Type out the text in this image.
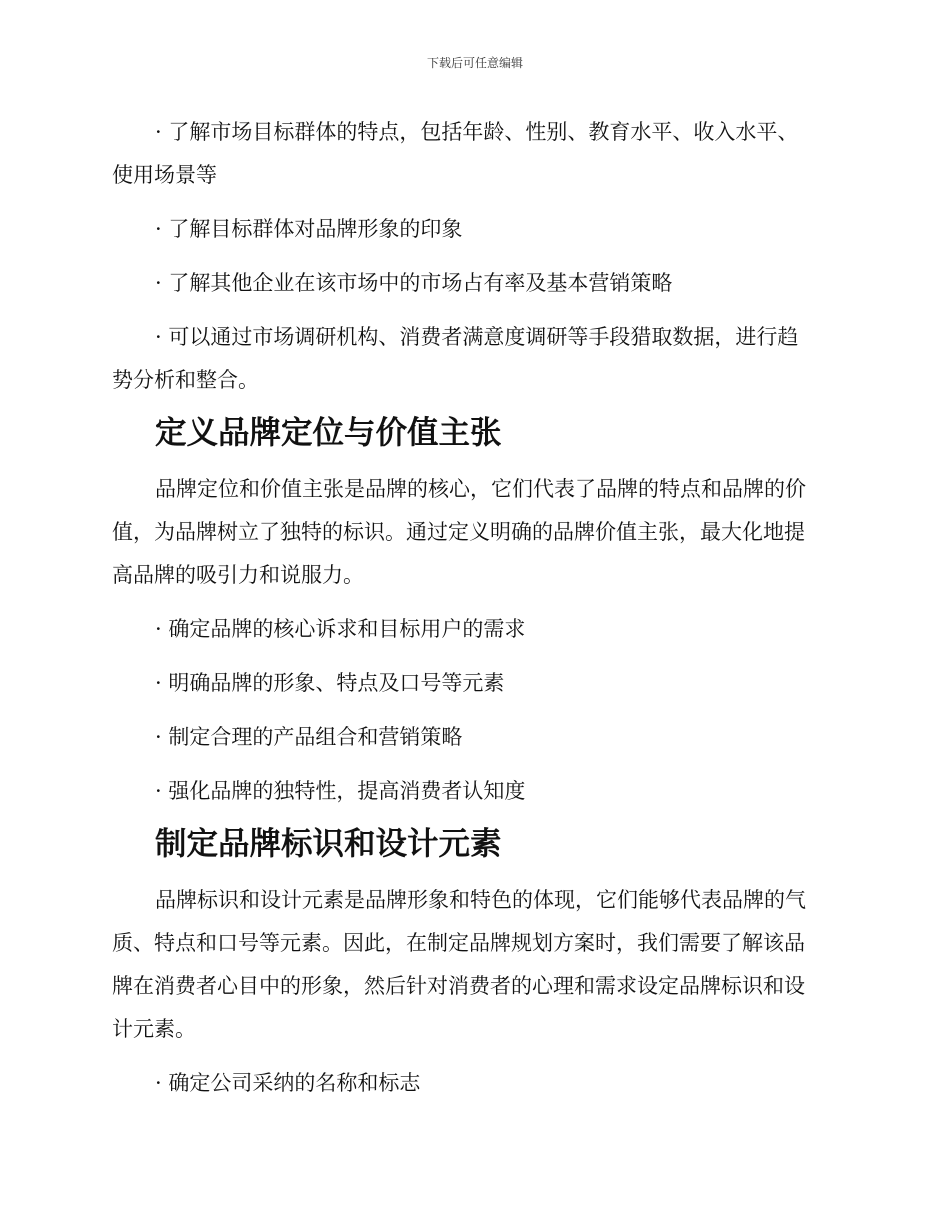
下载后可任意编辑

· 了解市场目标群体的特点，包括年龄、性别、教育水平、收入水平、

使用场景等

· 了解目标群体对品牌形象的印象

· 了解其他企业在该市场中的市场占有率及基本营销策略

· 可以通过市场调研机构、消费者满意度调研等手段猎取数据，进行趋

势分析和整合。

定义品牌定位与价值主张

品牌定位和价值主张是品牌的核心，它们代表了品牌的特点和品牌的价

值，为品牌树立了独特的标识。通过定义明确的品牌价值主张，最大化地提

高品牌的吸引力和说服力。

· 确定品牌的核心诉求和目标用户的需求

· 明确品牌的形象、特点及口号等元素

· 制定合理的产品组合和营销策略

· 强化品牌的独特性，提高消费者认知度

制定品牌标识和设计元素

品牌标识和设计元素是品牌形象和特色的体现，它们能够代表品牌的气

质、特点和口号等元素。因此，在制定品牌规划方案时，我们需要了解该品

牌在消费者心目中的形象，然后针对消费者的心理和需求设定品牌标识和设

计元素。

· 确定公司采纳的名称和标志
